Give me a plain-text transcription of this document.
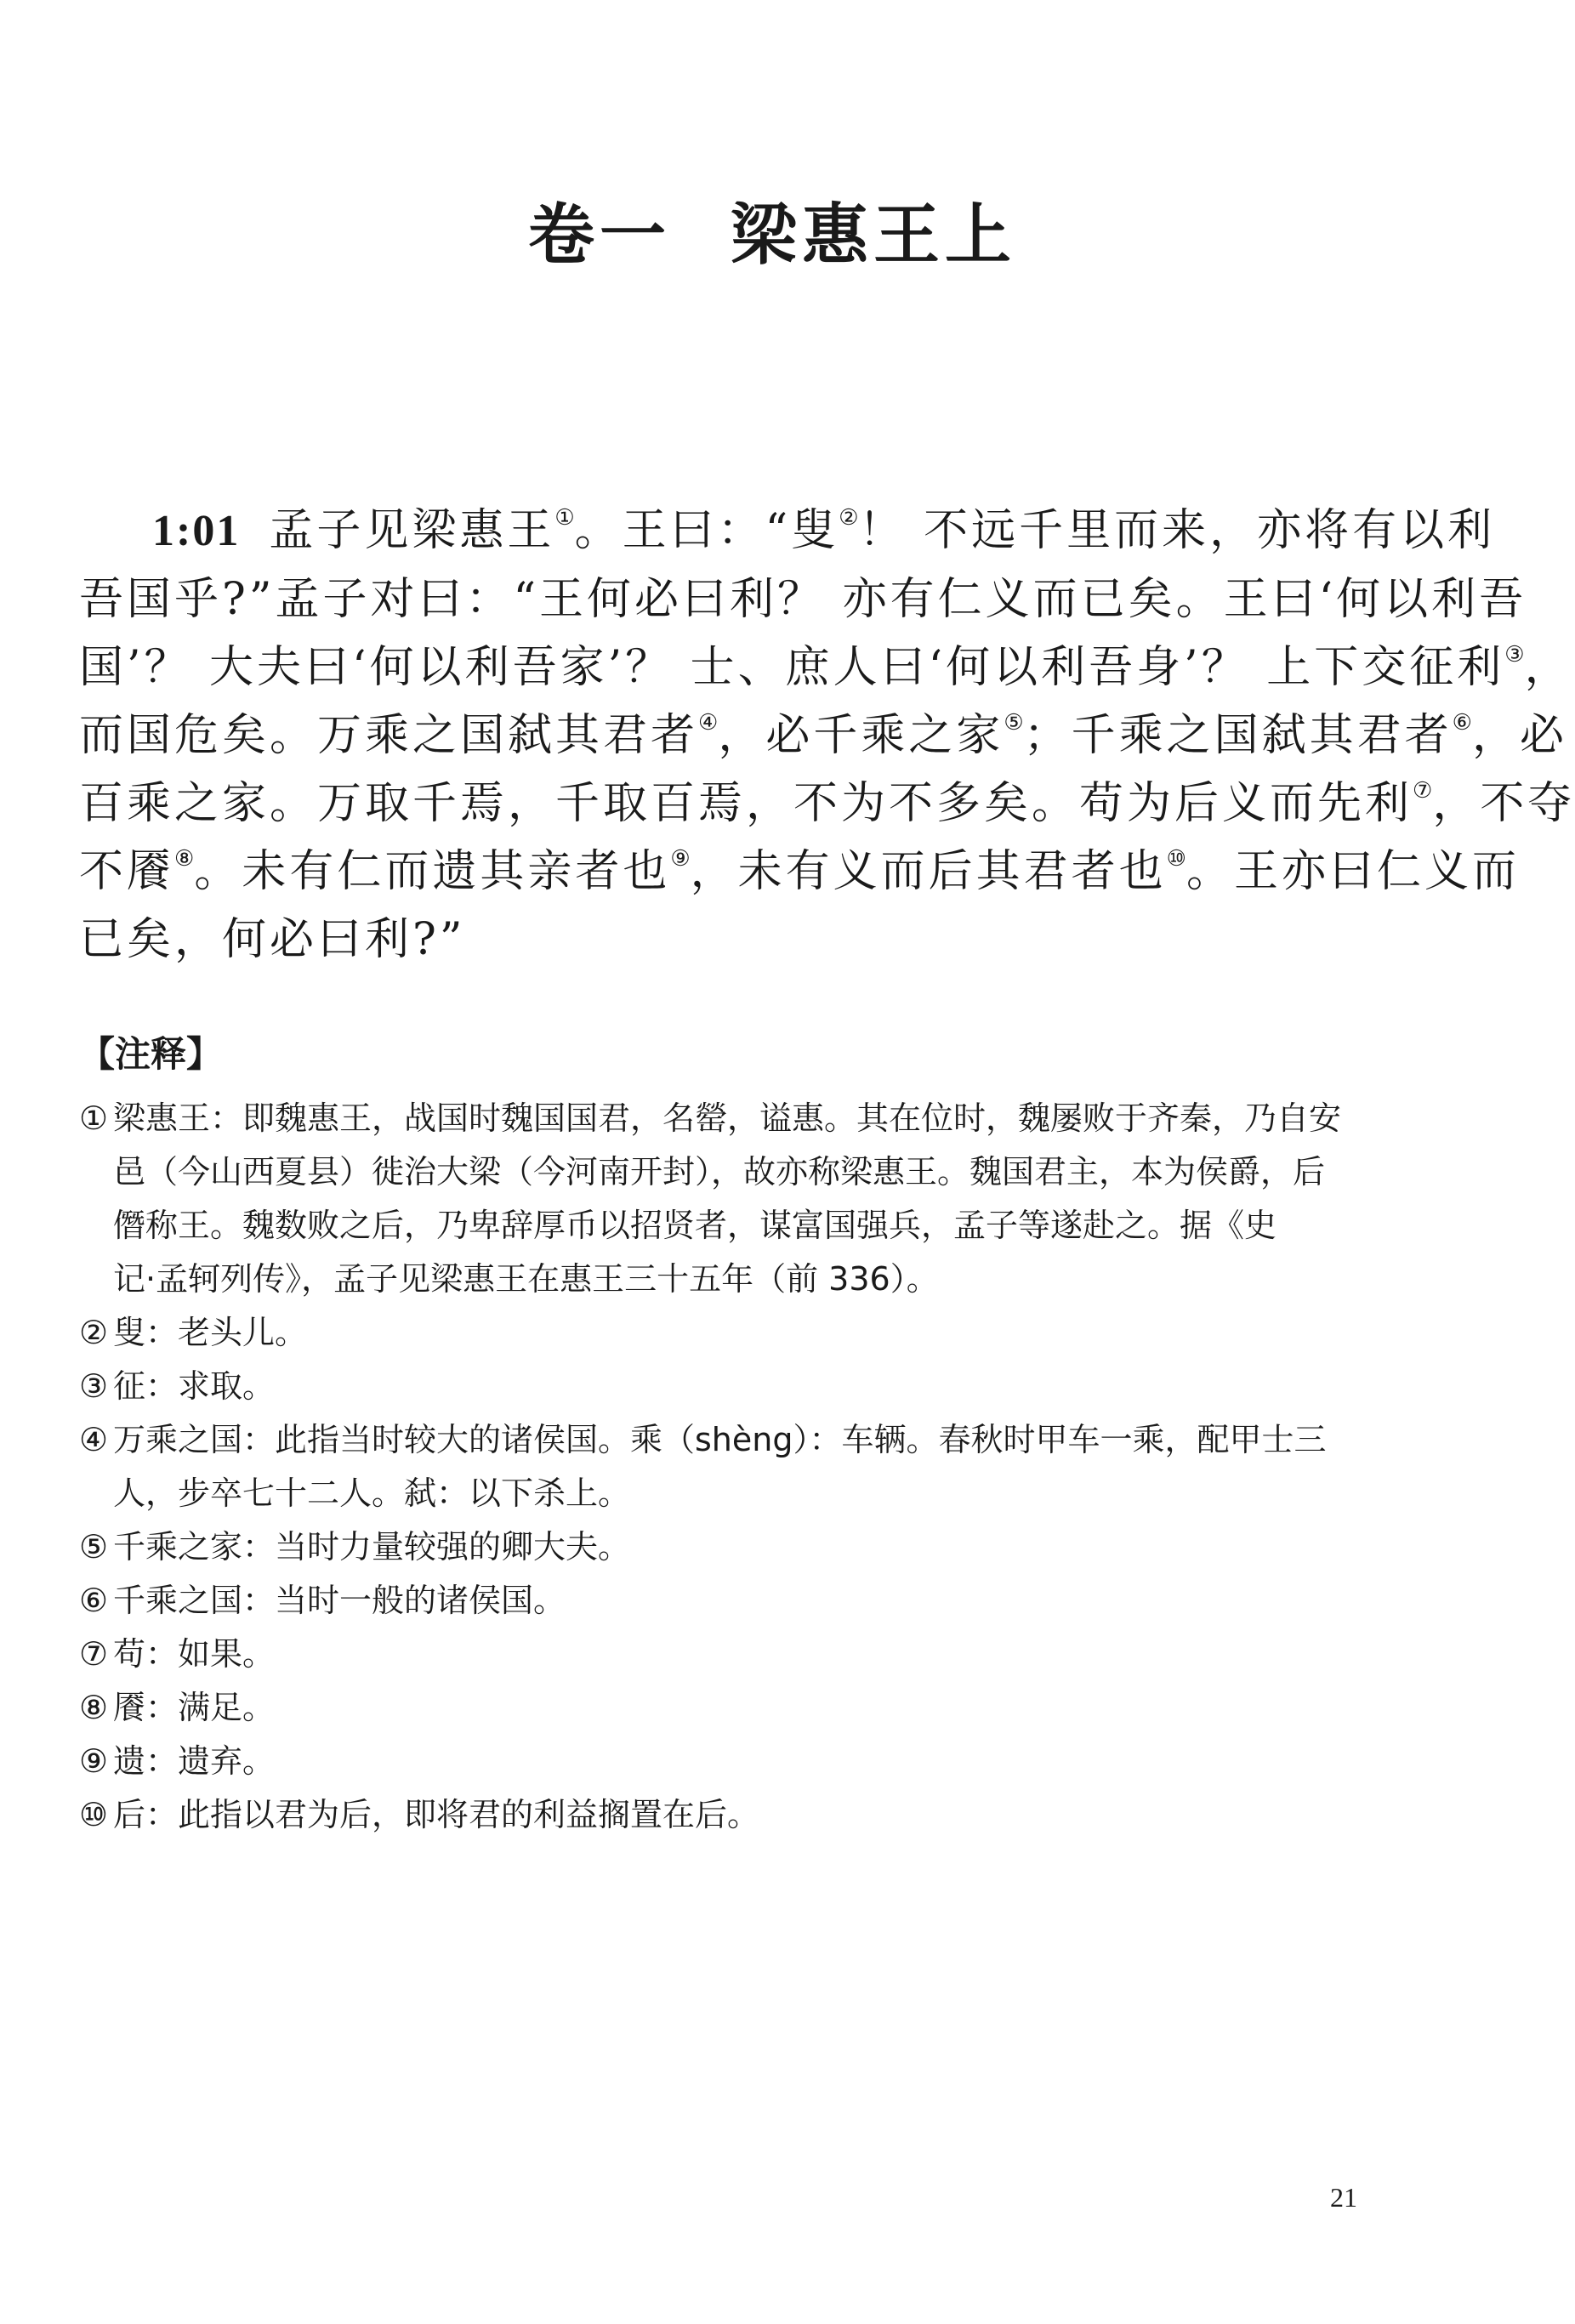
卷一 梁惠王上
1:01 孟子见梁惠王①。王曰：“叟②！ 不远千里而来，亦将有以利
吾国乎?”孟子对曰：“王何必曰利？ 亦有仁义而已矣。王曰‘何以利吾
国’？ 大夫曰‘何以利吾家’？ 士、庶人曰‘何以利吾身’？ 上下交征利③，
而国危矣。万乘之国弑其君者④，必千乘之家⑤；千乘之国弑其君者⑥，必
百乘之家。万取千焉，千取百焉，不为不多矣。苟为后义而先利⑦，不夺
不餍⑧。未有仁而遗其亲者也⑨，未有义而后其君者也⑩。王亦曰仁义而
已矣，何必曰利?”
【注释】
① 梁惠王：即魏惠王，战国时魏国国君，名罃，谥惠。其在位时，魏屡败于齐秦，乃自安
邑（今山西夏县）徙治大梁（今河南开封），故亦称梁惠王。魏国君主，本为侯爵，后
僭称王。魏数败之后，乃卑辞厚币以招贤者，谋富国强兵，孟子等遂赴之。据《史
记·孟轲列传》，孟子见梁惠王在惠王三十五年（前 336）。
② 叟：老头儿。
③ 征：求取。
④ 万乘之国：此指当时较大的诸侯国。乘（shèng）：车辆。春秋时甲车一乘，配甲士三
人，步卒七十二人。弑：以下杀上。
⑤ 千乘之家：当时力量较强的卿大夫。
⑥ 千乘之国：当时一般的诸侯国。
⑦ 苟：如果。
⑧ 餍：满足。
⑨ 遗：遗弃。
⑩ 后：此指以君为后，即将君的利益搁置在后。
21
